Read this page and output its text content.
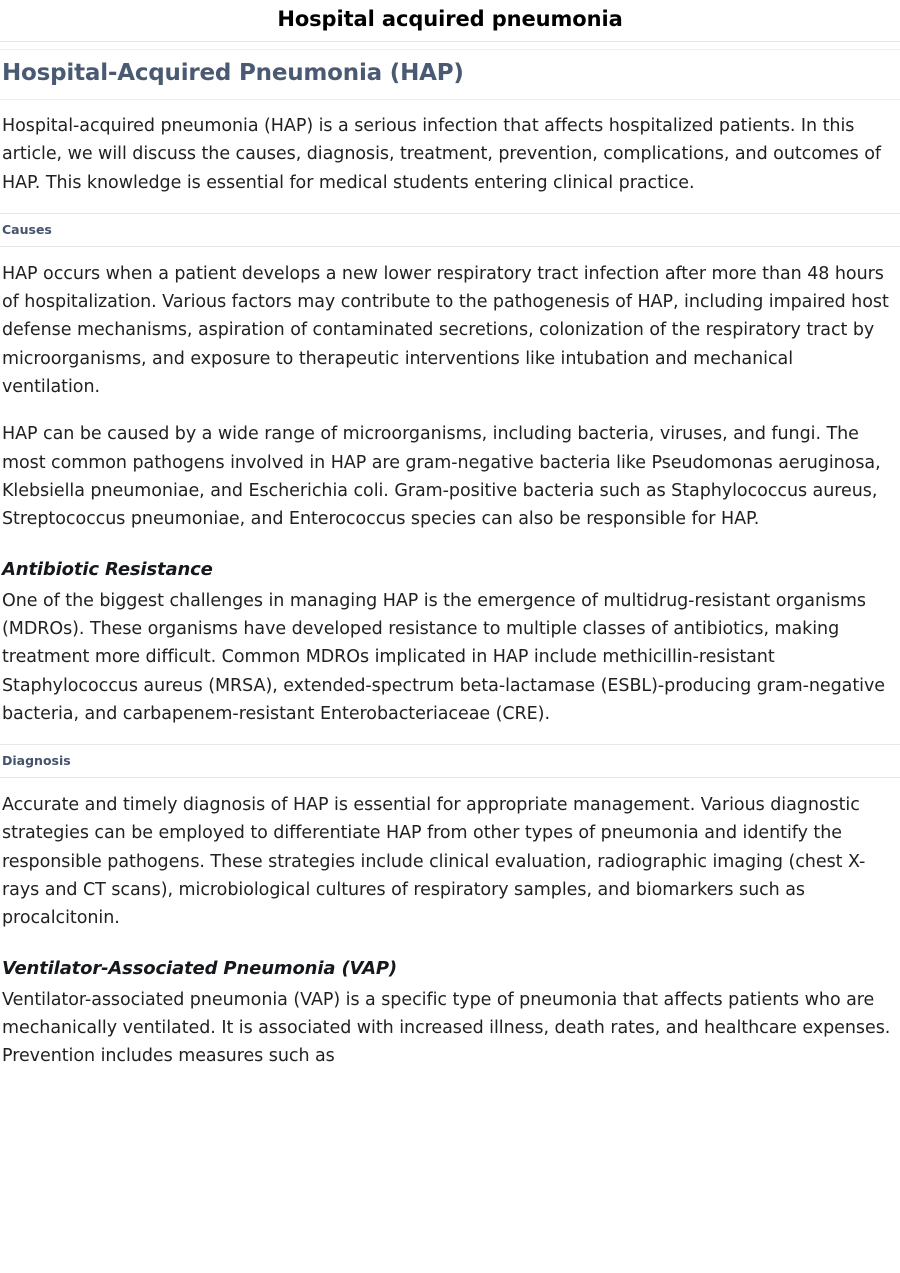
Hospital acquired pneumonia
Hospital-Acquired Pneumonia (HAP)

Hospital-acquired pneumonia (HAP) is a serious infection that affects hospitalized patients. In this article, we will discuss the causes, diagnosis, treatment, prevention, complications, and outcomes of HAP. This knowledge is essential for medical students entering clinical practice.

Causes

HAP occurs when a patient develops a new lower respiratory tract infection after more than 48 hours of hospitalization. Various factors may contribute to the pathogenesis of HAP, including impaired host defense mechanisms, aspiration of contaminated secretions, colonization of the respiratory tract by microorganisms, and exposure to therapeutic interventions like intubation and mechanical ventilation.

HAP can be caused by a wide range of microorganisms, including bacteria, viruses, and fungi. The most common pathogens involved in HAP are gram-negative bacteria like Pseudomonas aeruginosa, Klebsiella pneumoniae, and Escherichia coli. Gram-positive bacteria such as Staphylococcus aureus, Streptococcus pneumoniae, and Enterococcus species can also be responsible for HAP.

Antibiotic Resistance

One of the biggest challenges in managing HAP is the emergence of multidrug-resistant organisms (MDROs). These organisms have developed resistance to multiple classes of antibiotics, making treatment more difficult. Common MDROs implicated in HAP include methicillin-resistant Staphylococcus aureus (MRSA), extended-spectrum beta-lactamase (ESBL)-producing gram-negative bacteria, and carbapenem-resistant Enterobacteriaceae (CRE).

Diagnosis

Accurate and timely diagnosis of HAP is essential for appropriate management. Various diagnostic strategies can be employed to differentiate HAP from other types of pneumonia and identify the responsible pathogens. These strategies include clinical evaluation, radiographic imaging (chest X-rays and CT scans), microbiological cultures of respiratory samples, and biomarkers such as procalcitonin.

Ventilator-Associated Pneumonia (VAP)

Ventilator-associated pneumonia (VAP) is a specific type of pneumonia that affects patients who are mechanically ventilated. It is associated with increased illness, death rates, and healthcare expenses. Prevention includes measures such as
